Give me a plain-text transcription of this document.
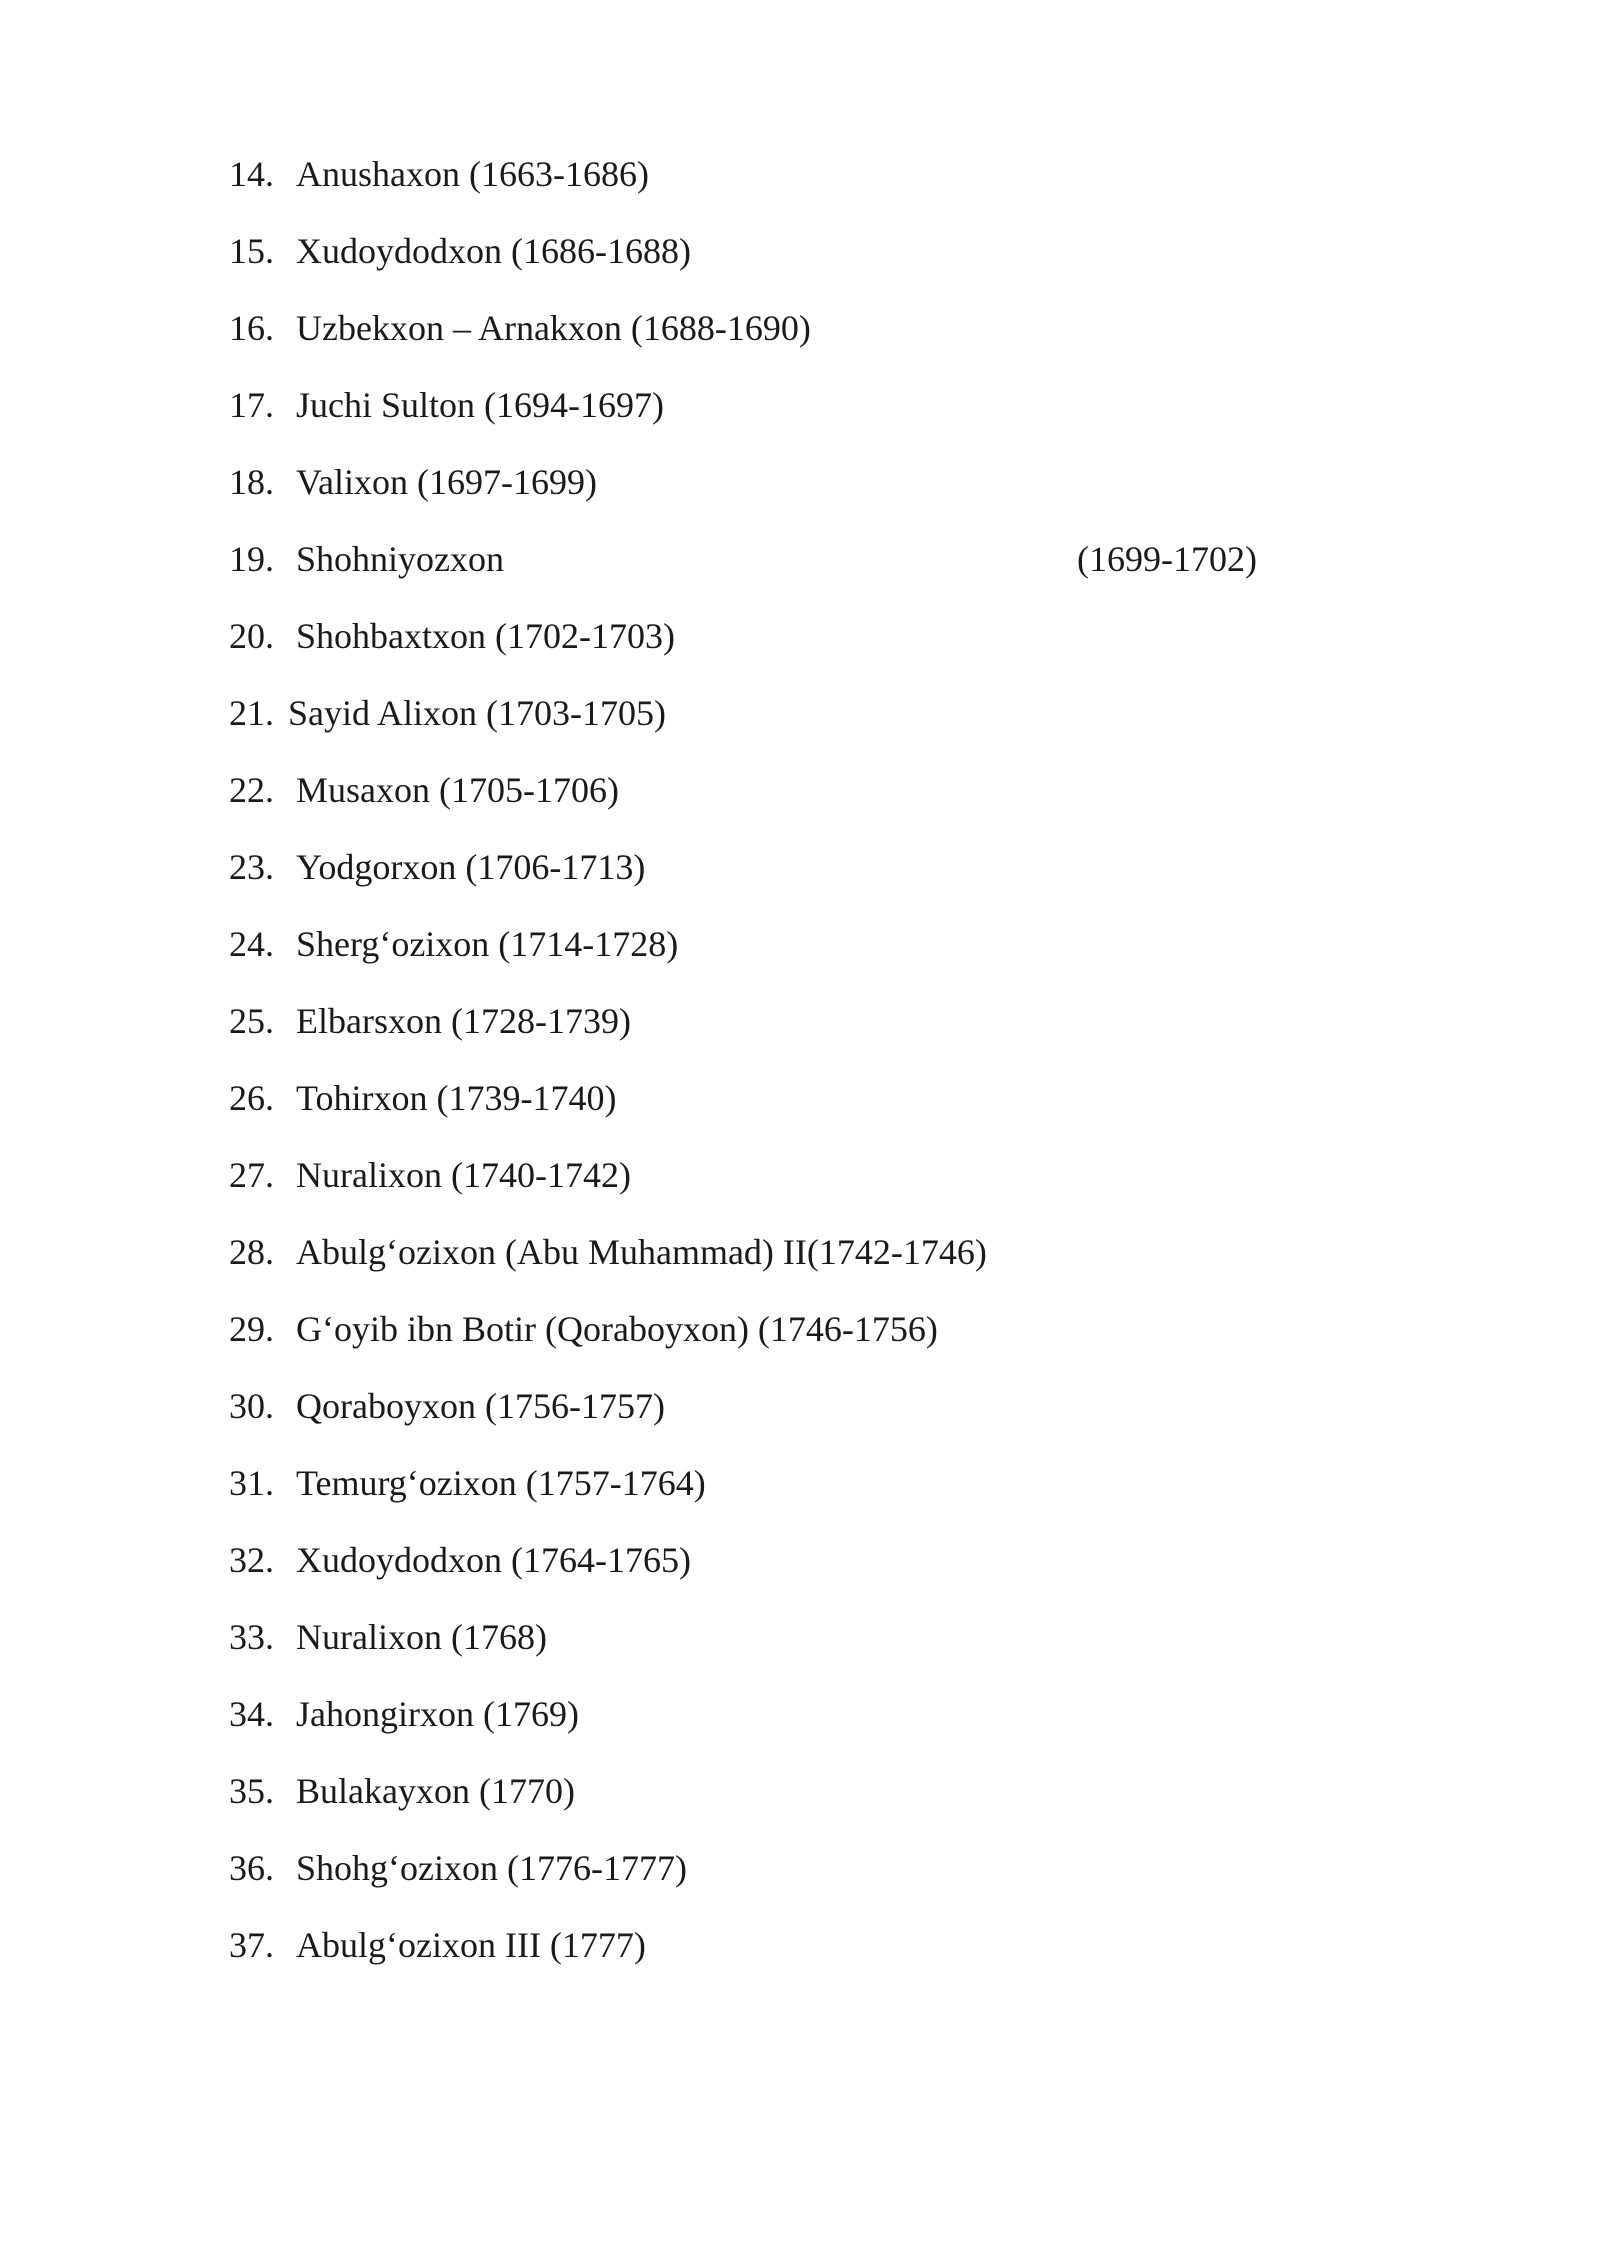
14. Anushaxon (1663-1686)
15. Xudoydodxon (1686-1688)
16. Uzbekxon – Arnakxon (1688-1690)
17. Juchi Sulton (1694-1697)
18. Valixon (1697-1699)
19. Shohniyozxon	(1699-1702)
20. Shohbaxtxon (1702-1703)
21. Sayid Alixon (1703-1705)
22. Musaxon (1705-1706)
23. Yodgorxon (1706-1713)
24. Sherg‘ozixon (1714-1728)
25. Elbarsxon (1728-1739)
26. Tohirxon (1739-1740)
27. Nuralixon (1740-1742)
28. Abulg‘ozixon (Abu Muhammad) II(1742-1746)
29. G‘oyib ibn Botir (Qoraboyxon) (1746-1756)
30. Qoraboyxon (1756-1757)
31. Temurg‘ozixon (1757-1764)
32. Xudoydodxon (1764-1765)
33. Nuralixon (1768)
34. Jahongirxon (1769)
35. Bulakayxon (1770)
36. Shohg‘ozixon (1776-1777)
37. Abulg‘ozixon III (1777)
